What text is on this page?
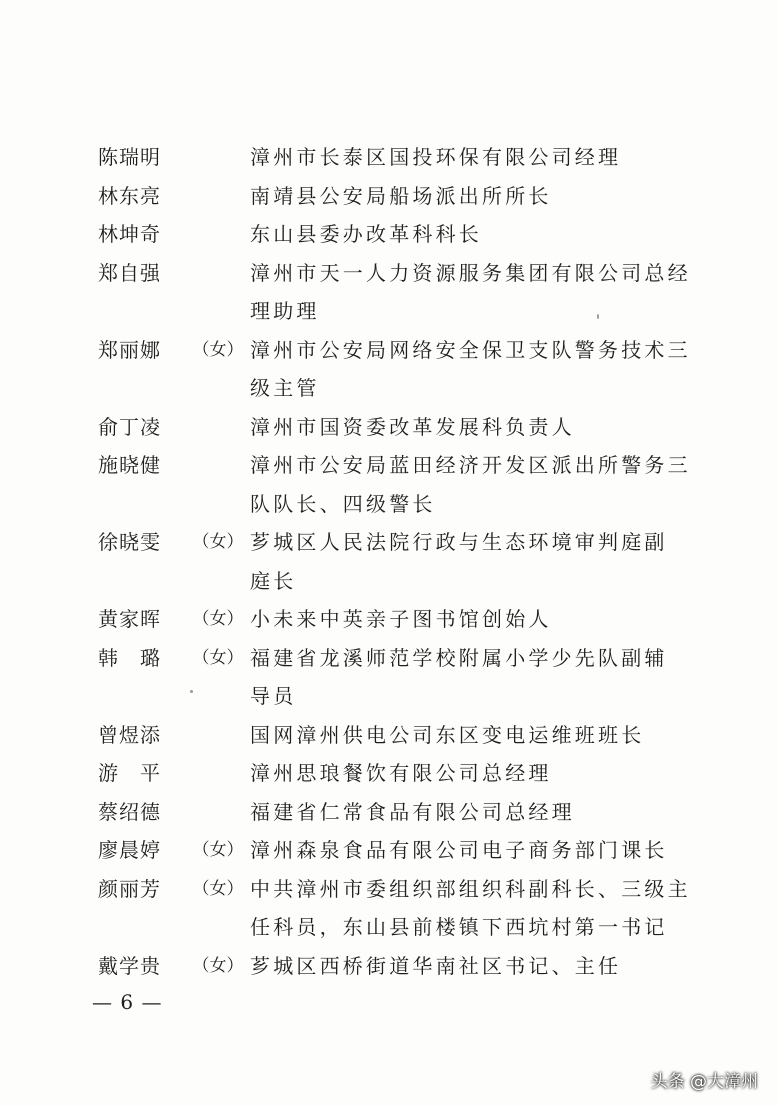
陈瑞明	漳州市长泰区国投环保有限公司经理
林东亮	南靖县公安局船场派出所所长
林坤奇	东山县委办改革科科长
郑自强	漳州市天一人力资源服务集团有限公司总经
理助理
郑丽娜	（女） 漳州市公安局网络安全保卫支队警务技术三
级主管
俞丁凌	漳州市国资委改革发展科负责人
施晓健	漳州市公安局蓝田经济开发区派出所警务三
队队长、四级警长
徐晓雯	（女） 芗城区人民法院行政与生态环境审判庭副
庭长
黄家晖	（女） 小未来中英亲子图书馆创始人
韩　璐	（女） 福建省龙溪师范学校附属小学少先队副辅
导员
曾煜添	国网漳州供电公司东区变电运维班班长
游　平	漳州思琅餐饮有限公司总经理
蔡绍德	福建省仁常食品有限公司总经理
廖晨婷	（女） 漳州森泉食品有限公司电子商务部门课长
颜丽芳	（女） 中共漳州市委组织部组织科副科长、三级主
任科员，东山县前楼镇下西坑村第一书记
戴学贵	（女） 芗城区西桥街道华南社区书记、主任
— 6 —
头条 @大漳州
